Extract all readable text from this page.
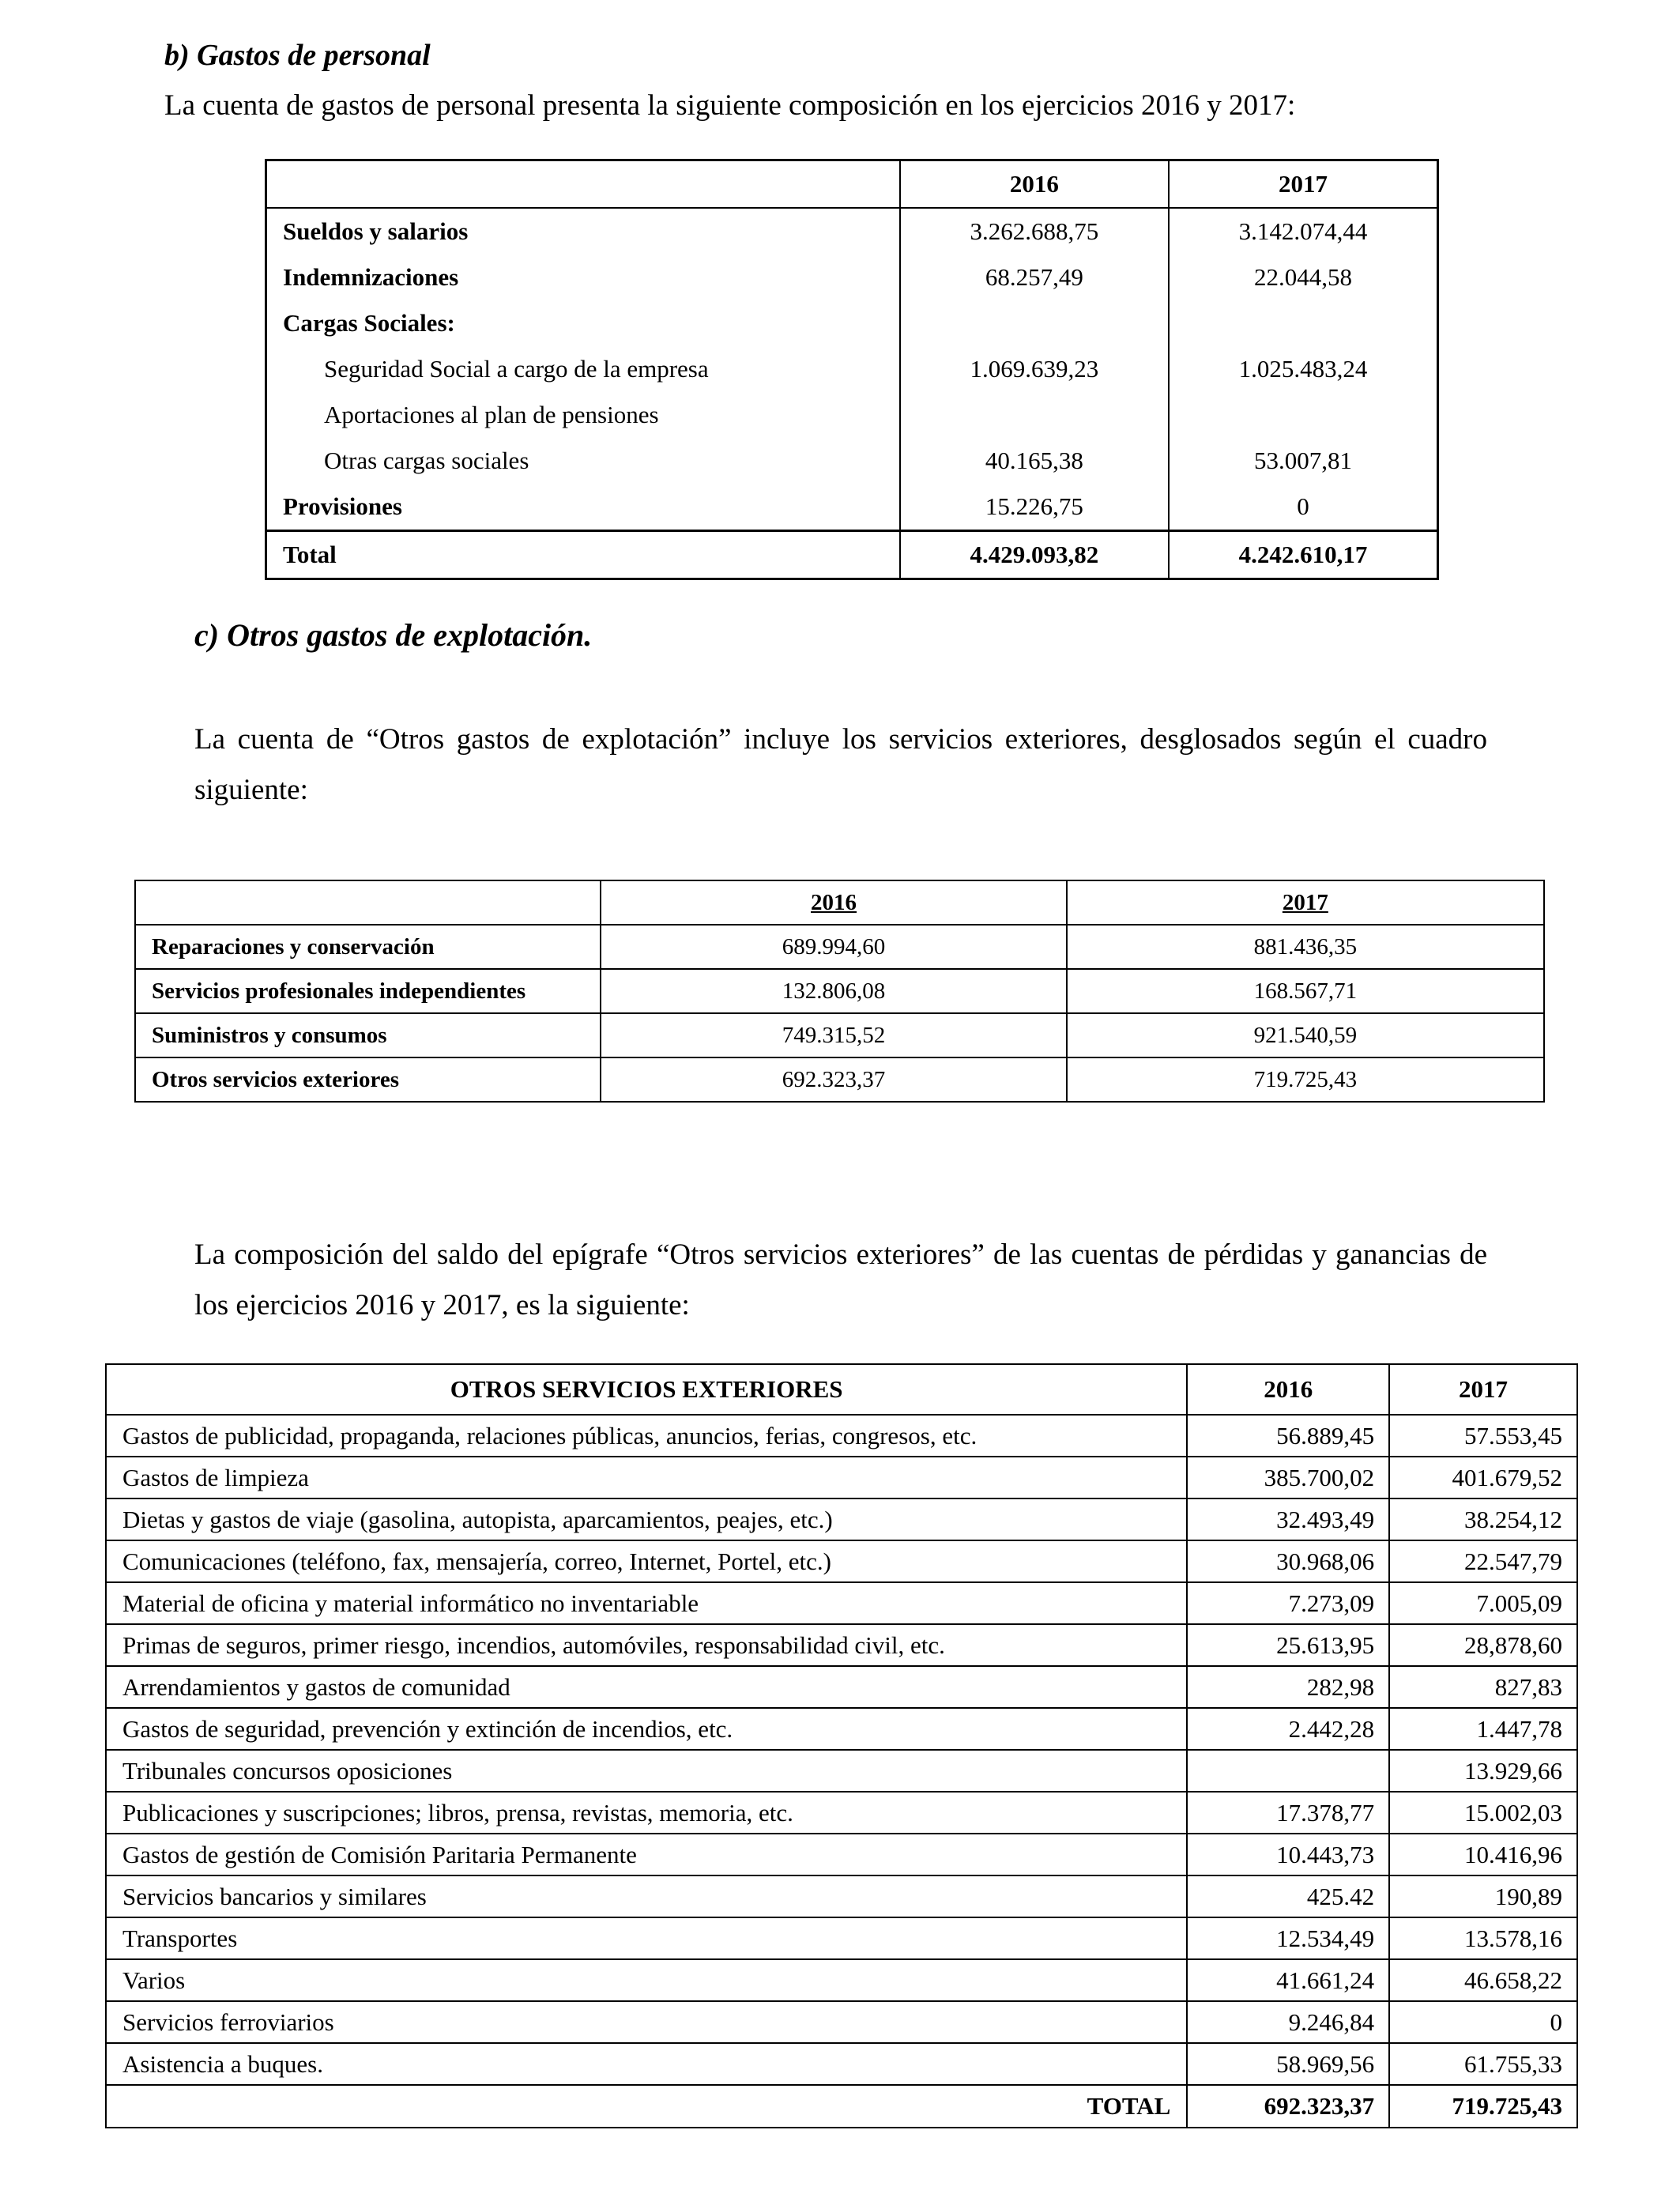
b) Gastos de personal
La cuenta de gastos de personal presenta la siguiente composición en los ejercicios 2016 y 2017:
	2016	2017
Sueldos y salarios	3.262.688,75	3.142.074,44
Indemnizaciones	68.257,49	22.044,58
Cargas Sociales:		
Seguridad Social a cargo de la empresa	1.069.639,23	1.025.483,24
Aportaciones al plan de pensiones		
Otras cargas sociales	40.165,38	53.007,81
Provisiones	15.226,75	0
Total	4.429.093,82	4.242.610,17
c) Otros gastos de explotación.
La cuenta de “Otros gastos de explotación” incluye los servicios exteriores, desglosados según el cuadro siguiente:
	2016	2017
Reparaciones y conservación	689.994,60	881.436,35
Servicios profesionales independientes	132.806,08	168.567,71
Suministros y consumos	749.315,52	921.540,59
Otros servicios exteriores	692.323,37	719.725,43
La composición del saldo del epígrafe “Otros servicios exteriores” de las cuentas de pérdidas y ganancias de los ejercicios 2016 y 2017, es la siguiente:
OTROS SERVICIOS EXTERIORES	2016	2017
Gastos de publicidad, propaganda, relaciones públicas, anuncios, ferias, congresos, etc.	56.889,45	57.553,45
Gastos de limpieza	385.700,02	401.679,52
Dietas y gastos de viaje (gasolina, autopista, aparcamientos, peajes, etc.)	32.493,49	38.254,12
Comunicaciones (teléfono, fax, mensajería, correo, Internet, Portel, etc.)	30.968,06	22.547,79
Material de oficina y material informático no inventariable	7.273,09	7.005,09
Primas de seguros, primer riesgo, incendios, automóviles, responsabilidad civil, etc.	25.613,95	28,878,60
Arrendamientos y gastos de comunidad	282,98	827,83
Gastos de seguridad, prevención y extinción de incendios, etc.	2.442,28	1.447,78
Tribunales concursos oposiciones		13.929,66
Publicaciones y suscripciones; libros, prensa, revistas, memoria, etc.	17.378,77	15.002,03
Gastos de gestión de Comisión Paritaria Permanente	10.443,73	10.416,96
Servicios bancarios y similares	425.42	190,89
Transportes	12.534,49	13.578,16
Varios	41.661,24	46.658,22
Servicios ferroviarios	9.246,84	0
Asistencia a buques.	58.969,56	61.755,33
TOTAL	692.323,37	719.725,43
